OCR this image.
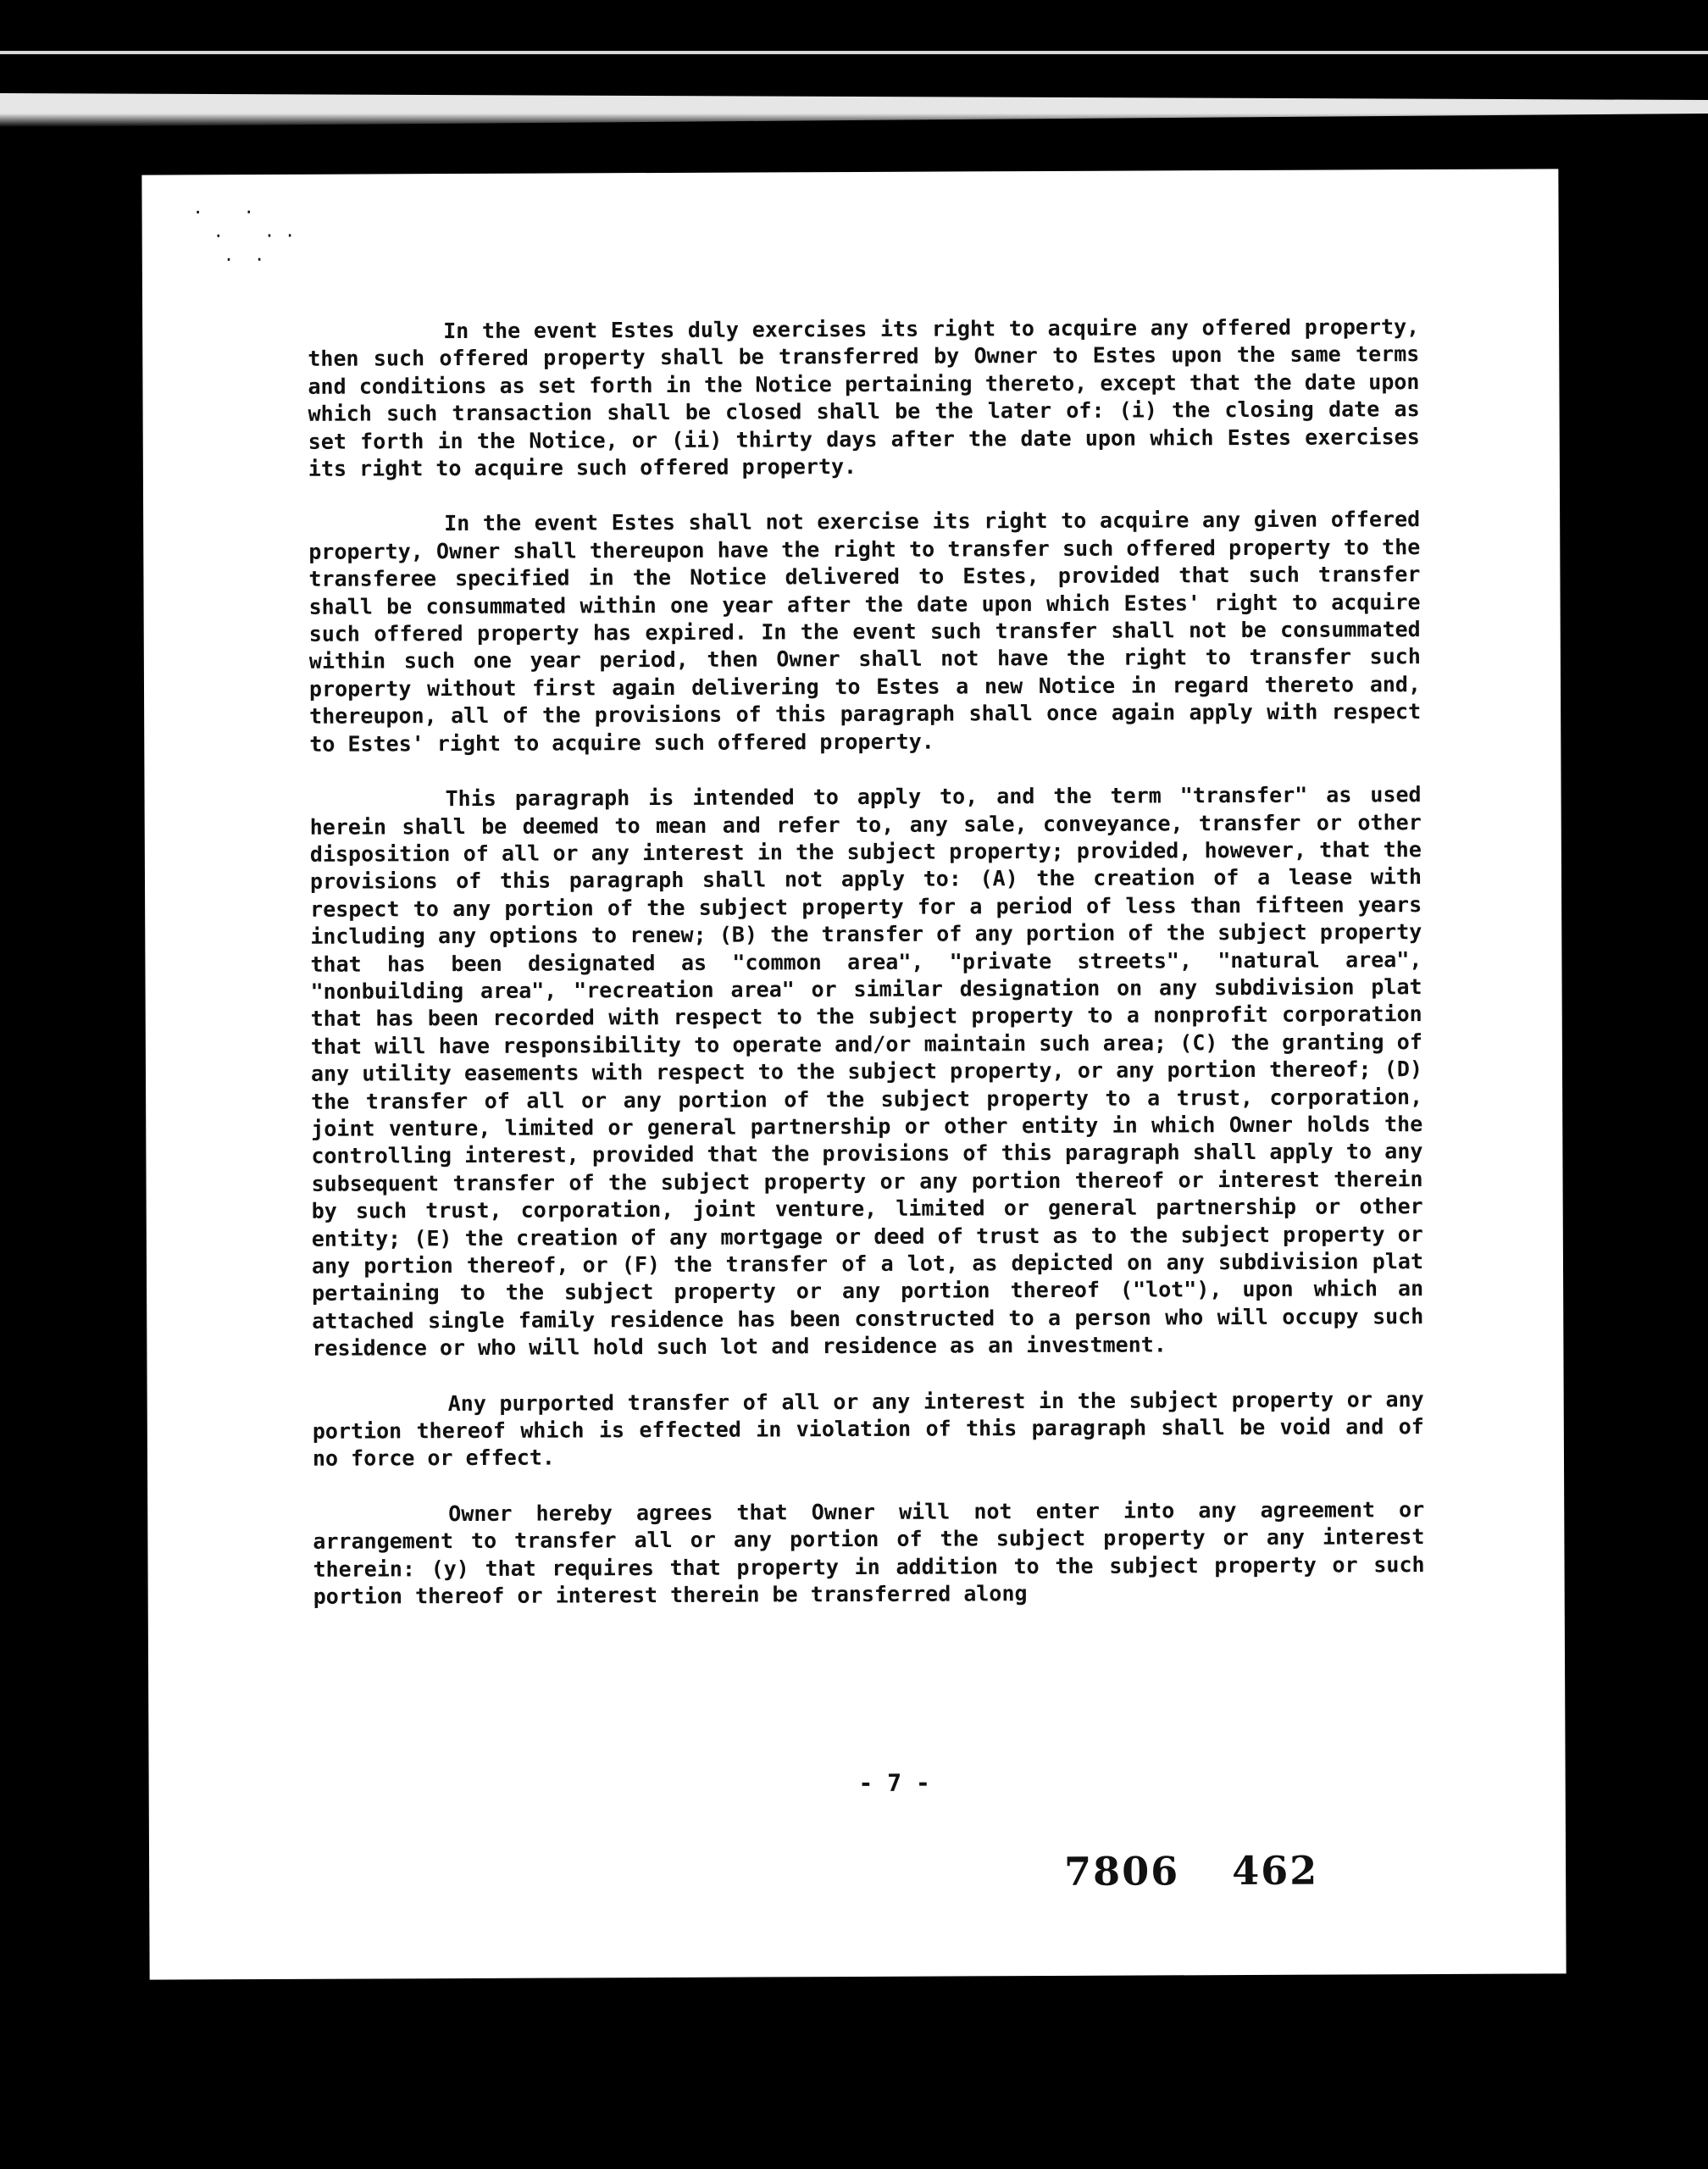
·    ·
·    · ·
·  ·

In the event Estes duly exercises its right to acquire any offered property, then such offered property shall be transferred by Owner to Estes upon the same terms and conditions as set forth in the Notice pertaining thereto, except that the date upon which such transaction shall be closed shall be the later of: (i) the closing date as set forth in the Notice, or (ii) thirty days after the date upon which Estes exercises its right to acquire such offered property.

In the event Estes shall not exercise its right to acquire any given offered property, Owner shall thereupon have the right to transfer such offered property to the transferee specified in the Notice delivered to Estes, provided that such transfer shall be consummated within one year after the date upon which Estes' right to acquire such offered property has expired. In the event such transfer shall not be consummated within such one year period, then Owner shall not have the right to transfer such property without first again delivering to Estes a new Notice in regard thereto and, thereupon, all of the provisions of this paragraph shall once again apply with respect to Estes' right to acquire such offered property.

This paragraph is intended to apply to, and the term "transfer" as used herein shall be deemed to mean and refer to, any sale, conveyance, transfer or other disposition of all or any interest in the subject property; provided, however, that the provisions of this paragraph shall not apply to: (A) the creation of a lease with respect to any portion of the subject property for a period of less than fifteen years including any options to renew; (B) the transfer of any portion of the subject property that has been designated as "common area", "private streets", "natural area", "nonbuilding area", "recreation area" or similar designation on any subdivision plat that has been recorded with respect to the subject property to a nonprofit corporation that will have responsibility to operate and/or maintain such area; (C) the granting of any utility easements with respect to the subject property, or any portion thereof; (D) the transfer of all or any portion of the subject property to a trust, corporation, joint venture, limited or general partnership or other entity in which Owner holds the controlling interest, provided that the provisions of this paragraph shall apply to any subsequent transfer of the subject property or any portion thereof or interest therein by such trust, corporation, joint venture, limited or general partnership or other entity; (E) the creation of any mortgage or deed of trust as to the subject property or any portion thereof, or (F) the transfer of a lot, as depicted on any subdivision plat pertaining to the subject property or any portion thereof ("lot"), upon which an attached single family residence has been constructed to a person who will occupy such residence or who will hold such lot and residence as an investment.

Any purported transfer of all or any interest in the subject property or any portion thereof which is effected in violation of this paragraph shall be void and of no force or effect.

Owner hereby agrees that Owner will not enter into any agreement or arrangement to transfer all or any portion of the subject property or any interest therein: (y) that requires that property in addition to the subject property or such portion thereof or interest therein be transferred along

- 7 -
7806 462
